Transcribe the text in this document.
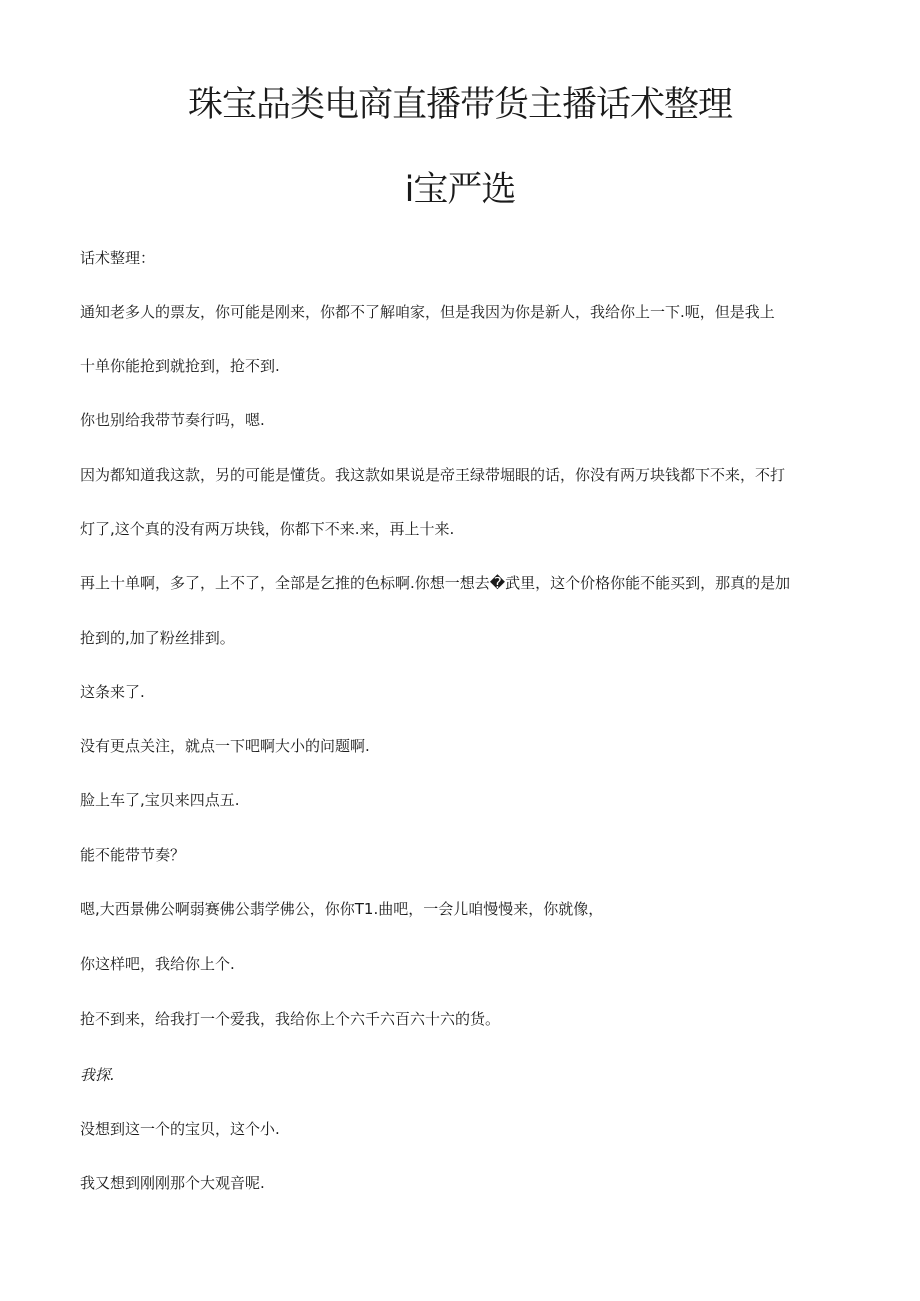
珠宝品类电商直播带货主播话术整理
i宝严选

话术整理：

通知老多人的票友，你可能是刚来，你都不了解咱家，但是我因为你是新人，我给你上一下.呃，但是我上

十单你能抢到就抢到，抢不到.

你也别给我带节奏行吗，嗯.

因为都知道我这款，另的可能是懂货。我这款如果说是帝王绿带堀眼的话，你没有两万块钱都下不来，不打

灯了,这个真的没有两万块钱，你都下不来.来，再上十来.

再上十单啊，多了，上不了，全部是乞推的色标啊.你想一想去�武里，这个价格你能不能买到，那真的是加

抢到的,加了粉丝排到。

这条来了.

没有更点关注，就点一下吧啊大小的问题啊.

脸上车了,宝贝来四点五.

能不能带节奏？

嗯,大西景佛公啊弱赛佛公翡学佛公，你你T1.曲吧，一会儿咱慢慢来，你就像，

你这样吧，我给你上个.

抢不到来，给我打一个爱我，我给你上个六千六百六十六的货。

我探.

没想到这一个的宝贝，这个小.

我又想到刚刚那个大观音呢.
